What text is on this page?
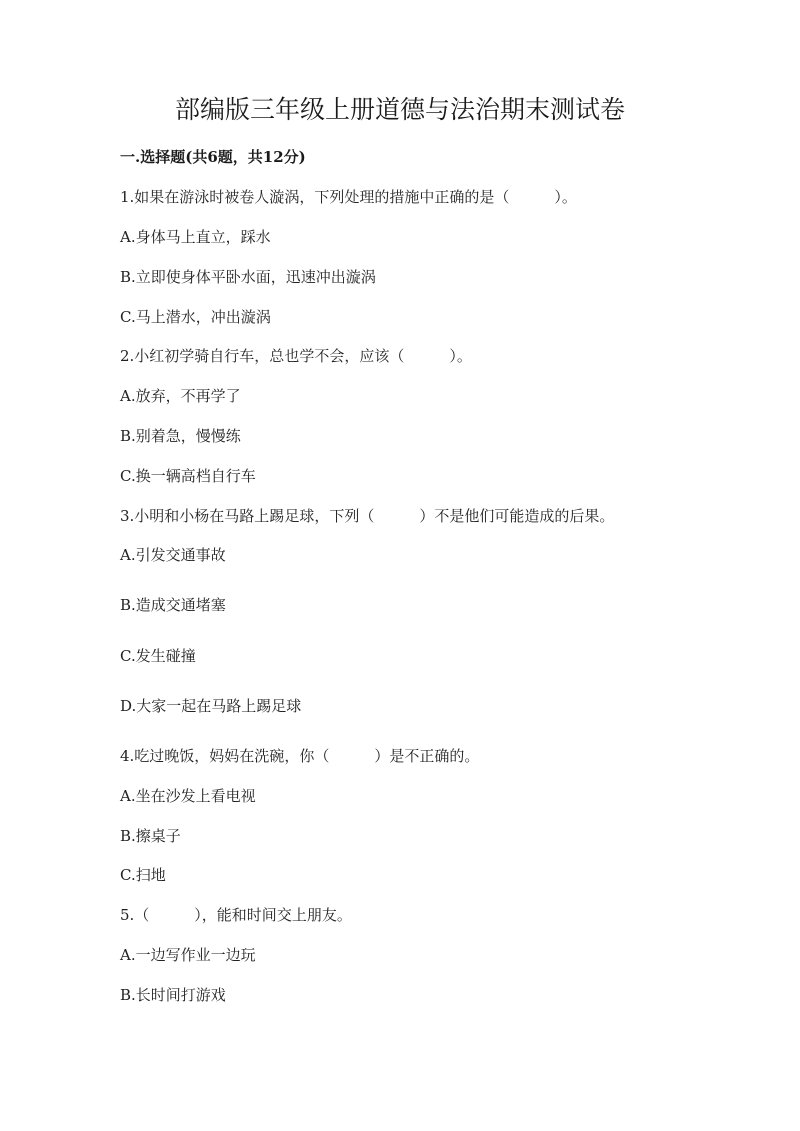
部编版三年级上册道德与法治期末测试卷
一.选择题(共6题，共12分)
1.如果在游泳时被卷人漩涡，下列处理的措施中正确的是（　　　）。
A.身体马上直立，踩水
B.立即使身体平卧水面，迅速冲出漩涡
C.马上潜水，冲出漩涡
2.小红初学骑自行车，总也学不会，应该（　　　）。
A.放弃，不再学了
B.别着急，慢慢练
C.换一辆高档自行车
3.小明和小杨在马路上踢足球，下列（　　　）不是他们可能造成的后果。
A.引发交通事故
B.造成交通堵塞
C.发生碰撞
D.大家一起在马路上踢足球
4.吃过晚饭，妈妈在洗碗，你（　　　）是不正确的。
A.坐在沙发上看电视
B.擦桌子
C.扫地
5.（　　　），能和时间交上朋友。
A.一边写作业一边玩
B.长时间打游戏
